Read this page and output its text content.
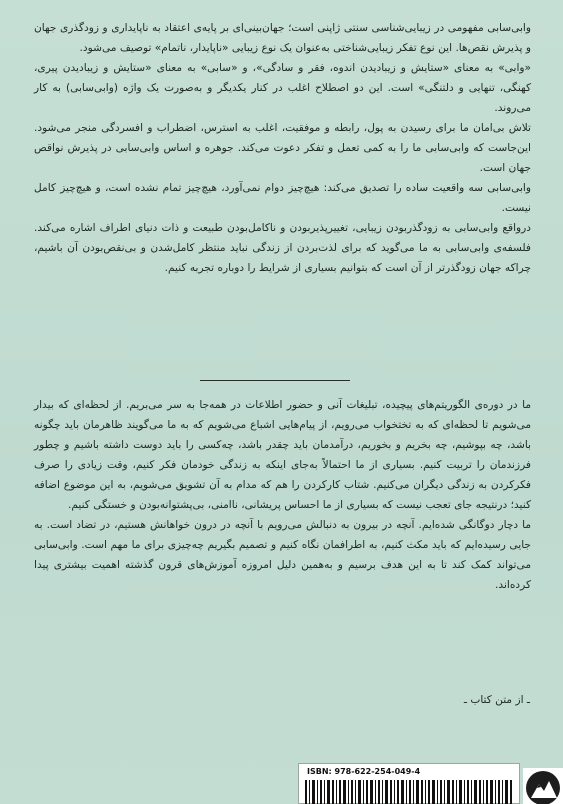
وابی‌سابی مفهومی در زیبایی‌شناسی سنتی ژاپنی است؛ جهان‌بینی‌ای بر پایه‌ی اعتقاد به ناپایداری و زودگذری جهان و پذیرش نقص‌ها. این نوع تفکر زیبایی‌شناختی به‌عنوان یک نوع زیبایی «ناپایدار، ناتمام» توصیف می‌شود.

«وابی» به معنای «ستایش و زیبادیدن اندوه، فقر و سادگی»، و «سابی» به معنای «ستایش و زیبادیدن پیری، کهنگی، تنهایی و دلتنگی» است. این دو اصطلاح اغلب در کنار یکدیگر و به‌صورت یک واژه (وابی‌سابی) به کار می‌روند.

تلاش بی‌امان ما برای رسیدن به پول، رابطه و موفقیت، اغلب به استرس، اضطراب و افسردگی منجر می‌شود. این‌جاست که وابی‌سابی ما را به کمی تعمل و تفکر دعوت می‌کند. جوهره و اساس وابی‌سابی در پذیرش نواقص جهان است.

وابی‌سابی سه واقعیت ساده را تصدیق می‌کند: هیچ‌چیز دوام نمی‌آورد، هیچ‌چیز تمام نشده است، و هیچ‌چیز کامل نیست.

درواقع وابی‌سابی به زودگذربودن زیبایی، تغییرپذیربودن و ناکامل‌بودن طبیعت و ذات دنیای اطراف اشاره می‌کند. فلسفه‌ی وابی‌سابی به ما می‌گوید که برای لذت‌بردن از زندگی نباید منتظر کامل‌شدن و بی‌نقص‌بودن آن باشیم، چراکه جهان زودگذرتر از آن است که بتوانیم بسیاری از شرایط را دوباره تجربه کنیم.

ما در دوره‌ی الگوریتم‌های پیچیده، تبلیغات آنی و حضور اطلاعات در همه‌جا به سر می‌بریم. از لحظه‌ای که بیدار می‌شویم تا لحظه‌ای که به تختخواب می‌رویم، از پیام‌هایی اشباع می‌شویم که به ما می‌گویند ظاهرمان باید چگونه باشد، چه بپوشیم، چه بخریم و بخوریم، درآمدمان باید چقدر باشد، چه‌کسی را باید دوست داشته باشیم و چطور فرزندمان را تربیت کنیم. بسیاری از ما احتمالاً به‌جای اینکه به زندگی خودمان فکر کنیم، وقت زیادی را صرف فکرکردن به زندگی دیگران می‌کنیم. شتاب کارکردن را هم که مدام به آن تشویق می‌شویم، به این موضوع اضافه کنید؛ درنتیجه جای تعجب نیست که بسیاری از ما احساس پریشانی، ناامنی، بی‌پشتوانه‌بودن و خستگی کنیم.

ما دچار دوگانگی شده‌ایم. آنچه در بیرون به دنبالش می‌رویم با آنچه در درون خواهانش هستیم، در تضاد است. به جایی رسیده‌ایم که باید مکث کنیم، به اطرافمان نگاه کنیم و تصمیم بگیریم چه‌چیزی برای ما مهم است. وابی‌سابی می‌تواند کمک کند تا به این هدف برسیم و به‌همین دلیل امروزه آموزش‌های قرون گذشته اهمیت بیشتری پیدا کرده‌اند.

ـ از متن کتاب ـ
ISBN: 978-622-254-049-4
